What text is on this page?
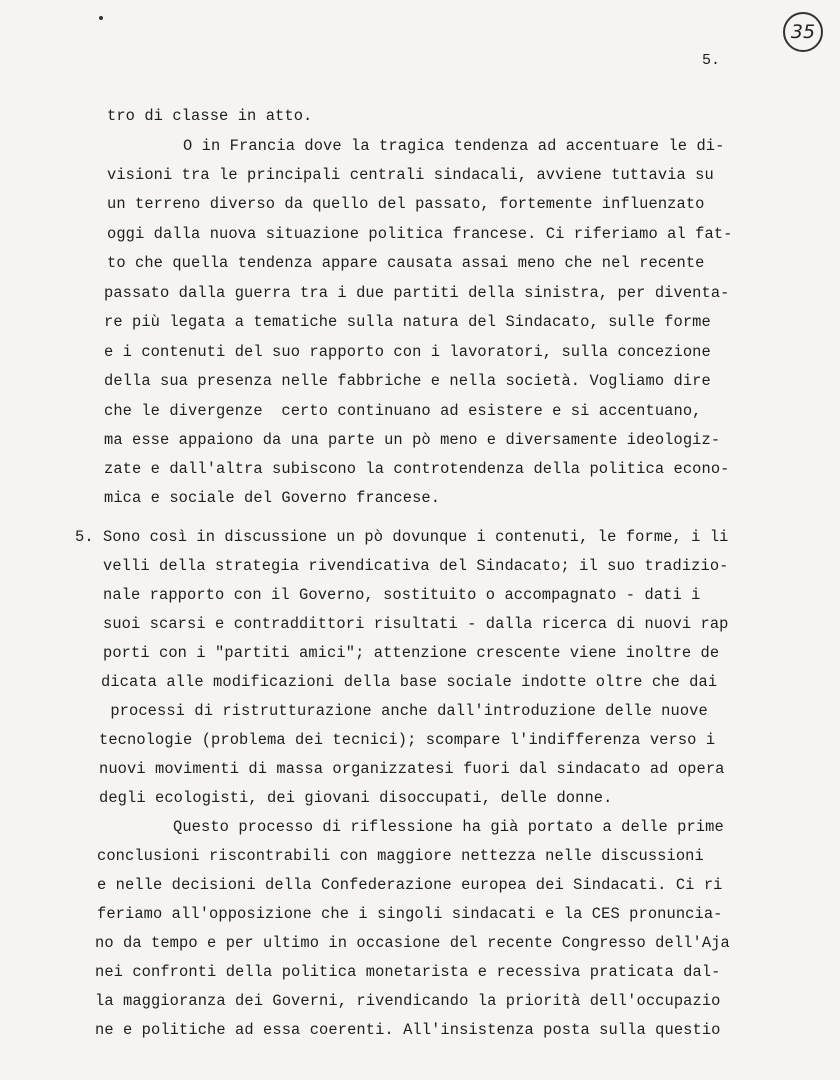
35
5.
tro di classe in atto.
O in Francia dove la tragica tendenza ad accentuare le di-
visioni tra le principali centrali sindacali, avviene tuttavia su
un terreno diverso da quello del passato, fortemente influenzato
oggi dalla nuova situazione politica francese. Ci riferiamo al fat-
to che quella tendenza appare causata assai meno che nel recente
passato dalla guerra tra i due partiti della sinistra, per diventa-
re più legata a tematiche sulla natura del Sindacato, sulle forme
e i contenuti del suo rapporto con i lavoratori, sulla concezione
della sua presenza nelle fabbriche e nella società. Vogliamo dire
che le divergenze  certo continuano ad esistere e si accentuano,
ma esse appaiono da una parte un pò meno e diversamente ideologiz-
zate e dall'altra subiscono la controtendenza della politica econo-
mica e sociale del Governo francese.
5. Sono così in discussione un pò dovunque i contenuti, le forme, i li
velli della strategia rivendicativa del Sindacato; il suo tradizio-
nale rapporto con il Governo, sostituito o accompagnato - dati i
suoi scarsi e contraddittori risultati - dalla ricerca di nuovi rap
porti con i "partiti amici"; attenzione crescente viene inoltre de
dicata alle modificazioni della base sociale indotte oltre che dai
processi di ristrutturazione anche dall'introduzione delle nuove
tecnologie (problema dei tecnici); scompare l'indifferenza verso i
nuovi movimenti di massa organizzatesi fuori dal sindacato ad opera
degli ecologisti, dei giovani disoccupati, delle donne.
Questo processo di riflessione ha già portato a delle prime
conclusioni riscontrabili con maggiore nettezza nelle discussioni
e nelle decisioni della Confederazione europea dei Sindacati. Ci ri
feriamo all'opposizione che i singoli sindacati e la CES pronuncia-
no da tempo e per ultimo in occasione del recente Congresso dell'Aja
nei confronti della politica monetarista e recessiva praticata dal-
la maggioranza dei Governi, rivendicando la priorità dell'occupazio
ne e politiche ad essa coerenti. All'insistenza posta sulla questio
